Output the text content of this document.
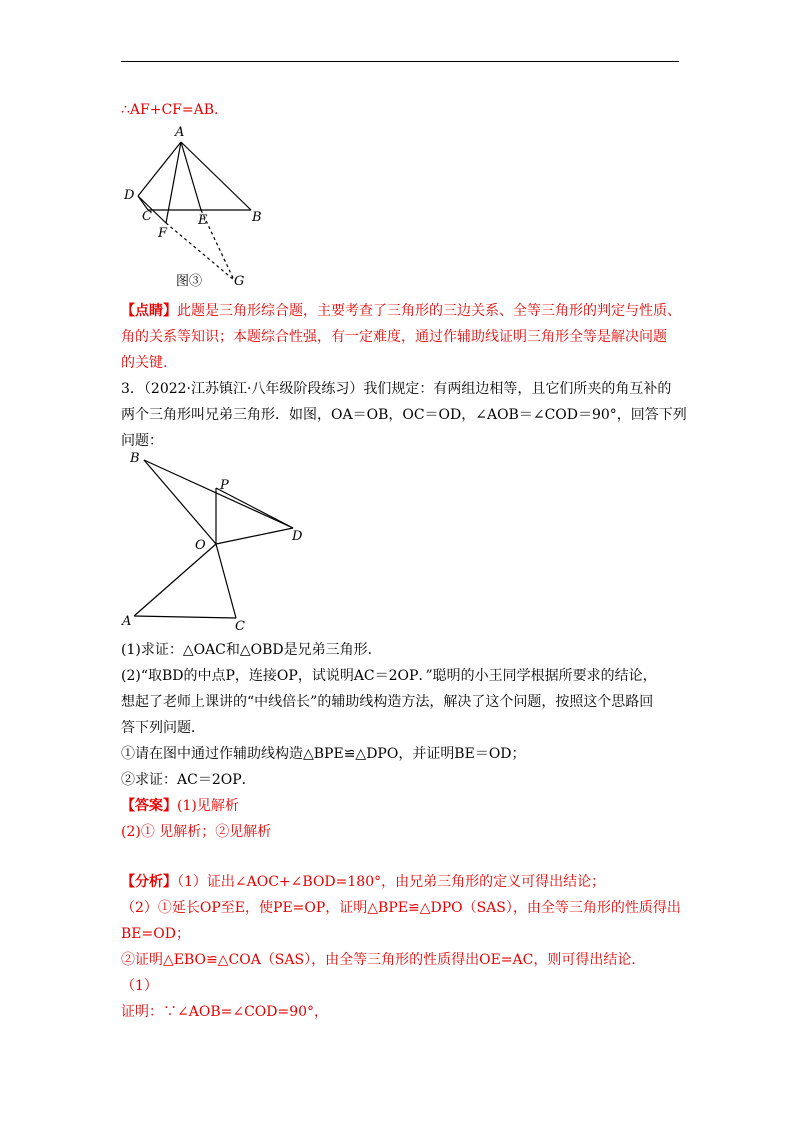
∴AF+CF=AB.
A
D
C	E	B
F
G
图③
【点睛】此题是三角形综合题，主要考查了三角形的三边关系、全等三角形的判定与性质、
角的关系等知识；本题综合性强，有一定难度，通过作辅助线证明三角形全等是解决问题
的关键.
3．（2022·江苏镇江·八年级阶段练习）我们规定：有两组边相等，且它们所夹的角互补的
两个三角形叫兄弟三角形．如图，OA＝OB，OC＝OD，∠AOB＝∠COD＝90°，回答下列
问题：
B
P
D
O
A	C
(1)求证：△OAC和△OBD是兄弟三角形．
(2)“取BD的中点P，连接OP，试说明AC＝2OP．”聪明的小王同学根据所要求的结论，
想起了老师上课讲的“中线倍长”的辅助线构造方法，解决了这个问题，按照这个思路回
答下列问题．
①请在图中通过作辅助线构造△BPE≌△DPO，并证明BE＝OD；
②求证：AC＝2OP．
【答案】(1)见解析
(2)① 见解析；②见解析
【分析】（1）证出∠AOC+∠BOD=180°，由兄弟三角形的定义可得出结论；
（2）①延长OP至E，使PE=OP，证明△BPE≌△DPO（SAS），由全等三角形的性质得出
BE=OD；
②证明△EBO≌△COA（SAS），由全等三角形的性质得出OE=AC，则可得出结论．
（1）
证明：∵∠AOB=∠COD=90°，
